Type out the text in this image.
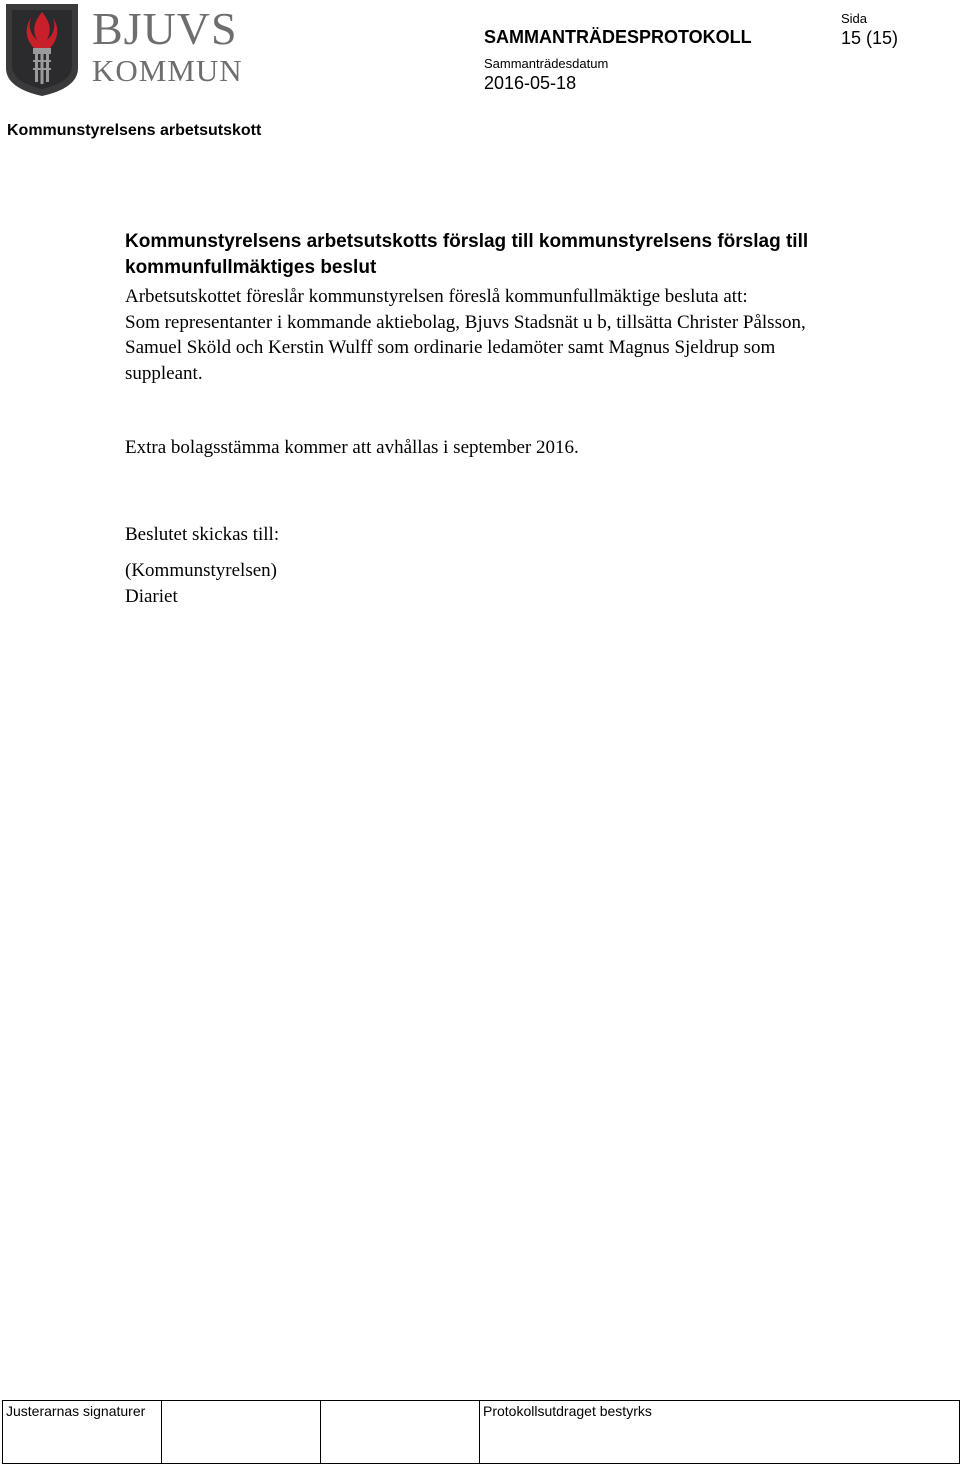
BJUVS
KOMMUN
SAMMANTRÄDESPROTOKOLL
Sammanträdesdatum
2016-05-18
Sida
15 (15)
Kommunstyrelsens arbetsutskott
Kommunstyrelsens arbetsutskotts förslag till kommunstyrelsens förslag till kommunfullmäktiges beslut

Arbetsutskottet föreslår kommunstyrelsen föreslå kommunfullmäktige besluta att:

Som representanter i kommande aktiebolag, Bjuvs Stadsnät u b, tillsätta Christer Pålsson, Samuel Sköld och Kerstin Wulff som ordinarie ledamöter samt Magnus Sjeldrup som suppleant.

Extra bolagsstämma kommer att avhållas i september 2016.

Beslutet skickas till:

(Kommunstyrelsen)
Diariet
Justerarnas signaturer			Protokollsutdraget bestyrks
